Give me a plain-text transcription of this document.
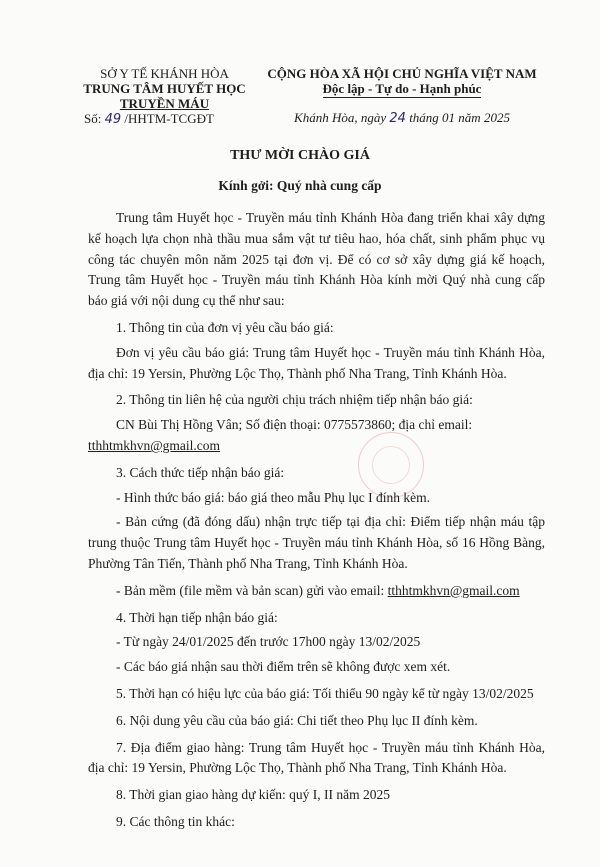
SỞ Y TẾ KHÁNH HÒA
TRUNG TÂM HUYẾT HỌC
TRUYỀN MÁU
Số: 49 /HHTM-TCGĐT
CỘNG HÒA XÃ HỘI CHỦ NGHĨA VIỆT NAM
Độc lập - Tự do - Hạnh phúc
Khánh Hòa, ngày 24 tháng 01 năm 2025
THƯ MỜI CHÀO GIÁ
Kính gởi: Quý nhà cung cấp

Trung tâm Huyết học - Truyền máu tỉnh Khánh Hòa đang triển khai xây dựng kế hoạch lựa chọn nhà thầu mua sắm vật tư tiêu hao, hóa chất, sinh phẩm phục vụ công tác chuyên môn năm 2025 tại đơn vị. Để có cơ sở xây dựng giá kế hoạch, Trung tâm Huyết học - Truyền máu tỉnh Khánh Hòa kính mời Quý nhà cung cấp báo giá với nội dung cụ thể như sau:

1. Thông tin của đơn vị yêu cầu báo giá:

Đơn vị yêu cầu báo giá: Trung tâm Huyết học - Truyền máu tỉnh Khánh Hòa, địa chỉ: 19 Yersin, Phường Lộc Thọ, Thành phố Nha Trang, Tỉnh Khánh Hòa.

2. Thông tin liên hệ của người chịu trách nhiệm tiếp nhận báo giá:

CN Bùi Thị Hồng Vân; Số điện thoại: 0775573860; địa chỉ email:

tthhtmkhvn@gmail.com

3. Cách thức tiếp nhận báo giá:

- Hình thức báo giá: báo giá theo mẫu Phụ lục I đính kèm.

- Bản cứng (đã đóng dấu) nhận trực tiếp tại địa chỉ: Điểm tiếp nhận máu tập trung thuộc Trung tâm Huyết học - Truyền máu tỉnh Khánh Hòa, số 16 Hồng Bàng, Phường Tân Tiến, Thành phố Nha Trang, Tỉnh Khánh Hòa.

- Bản mềm (file mềm và bản scan) gửi vào email: tthhtmkhvn@gmail.com

4. Thời hạn tiếp nhận báo giá:

- Từ ngày 24/01/2025 đến trước 17h00 ngày 13/02/2025

- Các báo giá nhận sau thời điểm trên sẽ không được xem xét.

5. Thời hạn có hiệu lực của báo giá: Tối thiểu 90 ngày kể từ ngày 13/02/2025

6. Nội dung yêu cầu của báo giá: Chi tiết theo Phụ lục II đính kèm.

7. Địa điểm giao hàng: Trung tâm Huyết học - Truyền máu tỉnh Khánh Hòa, địa chỉ: 19 Yersin, Phường Lộc Thọ, Thành phố Nha Trang, Tỉnh Khánh Hòa.

8. Thời gian giao hàng dự kiến: quý I, II năm 2025

9. Các thông tin khác:
